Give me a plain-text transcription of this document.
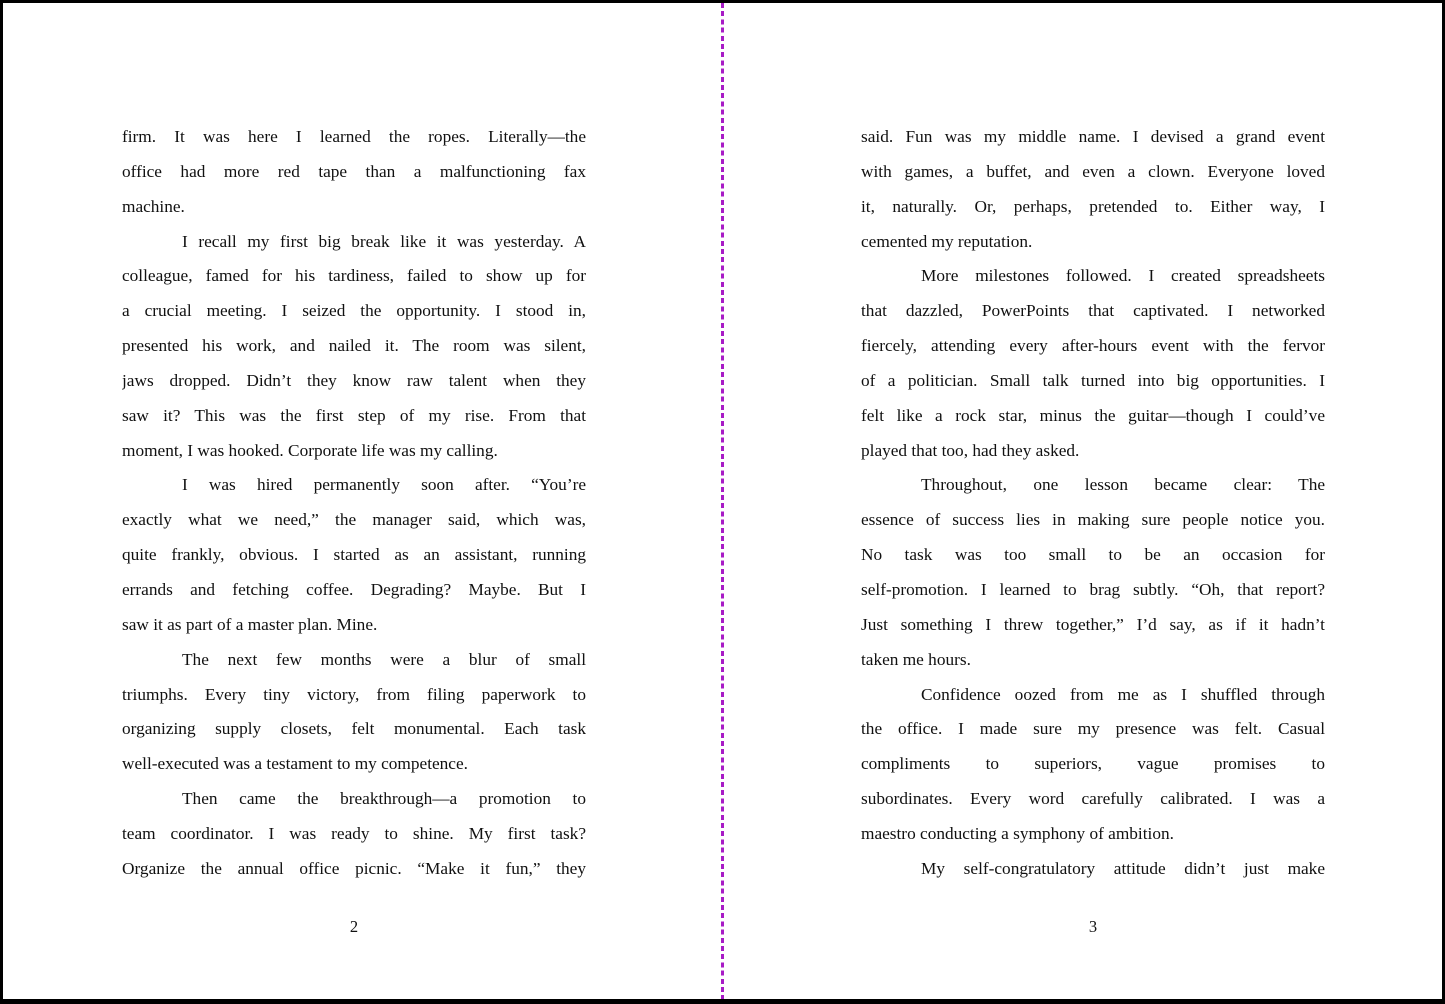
firm. It was here I learned the ropes. Literally—the
office had more red tape than a malfunctioning fax
machine.
I recall my first big break like it was yesterday. A
colleague, famed for his tardiness, failed to show up for
a crucial meeting. I seized the opportunity. I stood in,
presented his work, and nailed it. The room was silent,
jaws dropped. Didn’t they know raw talent when they
saw it? This was the first step of my rise. From that
moment, I was hooked. Corporate life was my calling.
I was hired permanently soon after. “You’re
exactly what we need,” the manager said, which was,
quite frankly, obvious. I started as an assistant, running
errands and fetching coffee. Degrading? Maybe. But I
saw it as part of a master plan. Mine.
The next few months were a blur of small
triumphs. Every tiny victory, from filing paperwork to
organizing supply closets, felt monumental. Each task
well-executed was a testament to my competence.
Then came the breakthrough—a promotion to
team coordinator. I was ready to shine. My first task?
Organize the annual office picnic. “Make it fun,” they
2
said. Fun was my middle name. I devised a grand event
with games, a buffet, and even a clown. Everyone loved
it, naturally. Or, perhaps, pretended to. Either way, I
cemented my reputation.
More milestones followed. I created spreadsheets
that dazzled, PowerPoints that captivated. I networked
fiercely, attending every after-hours event with the fervor
of a politician. Small talk turned into big opportunities. I
felt like a rock star, minus the guitar—though I could’ve
played that too, had they asked.
Throughout, one lesson became clear: The
essence of success lies in making sure people notice you.
No task was too small to be an occasion for
self-promotion. I learned to brag subtly. “Oh, that report?
Just something I threw together,” I’d say, as if it hadn’t
taken me hours.
Confidence oozed from me as I shuffled through
the office. I made sure my presence was felt. Casual
compliments to superiors, vague promises to
subordinates. Every word carefully calibrated. I was a
maestro conducting a symphony of ambition.
My self-congratulatory attitude didn’t just make
3
